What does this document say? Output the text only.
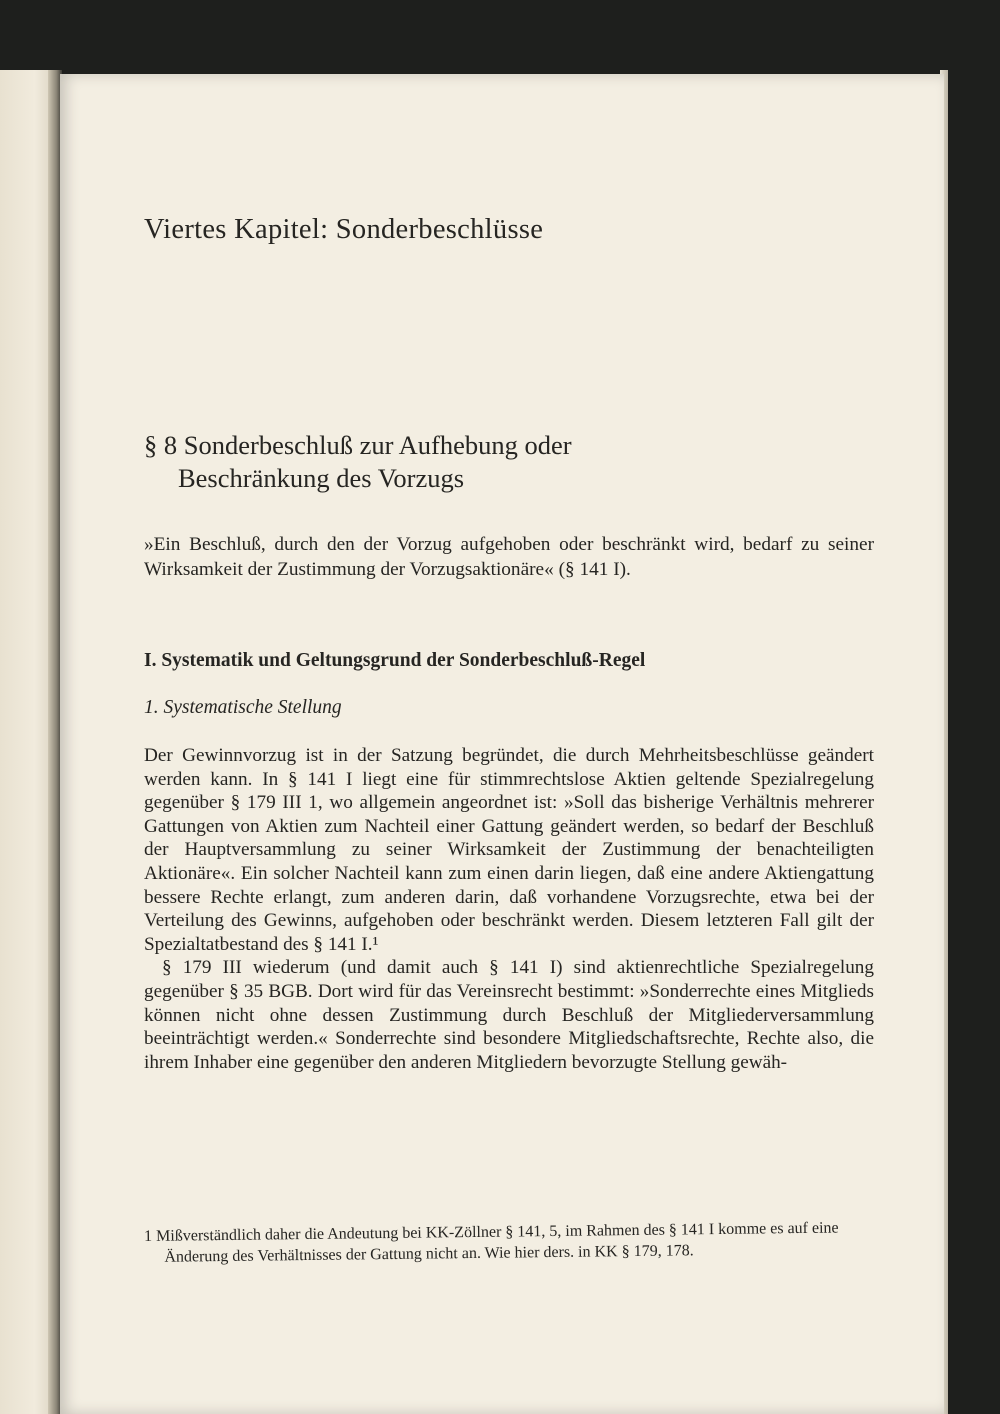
Viertes Kapitel: Sonderbeschlüsse
§ 8 Sonderbeschluß zur Aufhebung oder
Beschränkung des Vorzugs
»Ein Beschluß, durch den der Vorzug aufgehoben oder beschränkt wird, bedarf zu seiner Wirksamkeit der Zustimmung der Vorzugsaktionäre« (§ 141 I).
I. Systematik und Geltungsgrund der Sonderbeschluß-Regel
1. Systematische Stellung

Der Gewinnvorzug ist in der Satzung begründet, die durch Mehrheitsbeschlüsse geändert werden kann. In § 141 I liegt eine für stimmrechtslose Aktien geltende Spezialregelung gegenüber § 179 III 1, wo allgemein angeordnet ist: »Soll das bisherige Verhältnis mehrerer Gattungen von Aktien zum Nachteil einer Gattung geändert werden, so bedarf der Beschluß der Hauptversammlung zu seiner Wirksamkeit der Zustimmung der benachteiligten Aktionäre«. Ein solcher Nachteil kann zum einen darin liegen, daß eine andere Aktiengattung bessere Rechte erlangt, zum anderen darin, daß vorhandene Vorzugsrechte, etwa bei der Verteilung des Gewinns, aufgehoben oder beschränkt werden. Diesem letzteren Fall gilt der Spezialtatbestand des § 141 I.¹

§ 179 III wiederum (und damit auch § 141 I) sind aktienrechtliche Spezialregelung gegenüber § 35 BGB. Dort wird für das Vereinsrecht bestimmt: »Sonderrechte eines Mitglieds können nicht ohne dessen Zustimmung durch Beschluß der Mitgliederversammlung beeinträchtigt werden.« Sonderrechte sind besondere Mitgliedschaftsrechte, Rechte also, die ihrem Inhaber eine gegenüber den anderen Mitgliedern bevorzugte Stellung gewäh-

1 Mißverständlich daher die Andeutung bei KK-Zöllner § 141, 5, im Rahmen des § 141 I komme es auf eine Änderung des Verhältnisses der Gattung nicht an. Wie hier ders. in KK § 179, 178.
